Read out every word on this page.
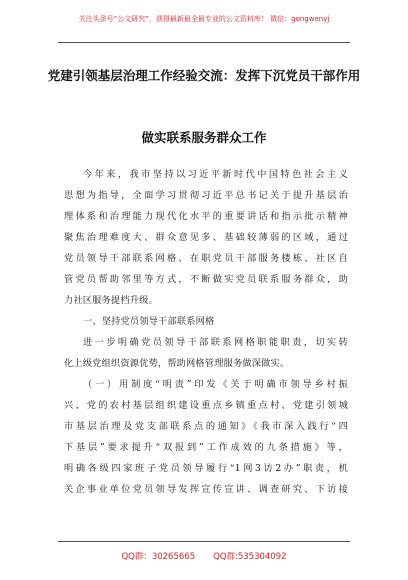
关注头条号“公文研究”，获得最新最全最专业的公文资料库！ 微信：gongwenyj
党建引领基层治理工作经验交流：发挥下沉党员干部作用
做实联系服务群众工作
今年来，我市坚持以习近平新时代中国特色社会主义
思想为指导，全面学习贯彻习近平总书记关于提升基层治
理体系和治理能力现代化水平的重要讲话和指示批示精神
聚焦治理难度大、群众意见多、基础较薄弱的区域，通过
党员领导干部联系网格、在职党员干部服务楼栋、社区自
管党员帮助邻里等方式，不断做实党员联系服务群众，助
力社区服务提档升级。
一、坚持党员领导干部联系网格
进一步明确党员领导干部联系网格职能职责，切实转
化上级党组织资源优势，帮助网格管理服务做深做实。
（一）用制度“明责”印发《关于明确市领导乡村振
兴、党的农村基层组织建设重点乡镇重点村、党建引领城
市基层治理及党支部联系点的通知》《我市深入践行“四
下基层”要求提升“双报到”工作成效的九条措施》等，
明确各级四家班子党员领导履行“1网3访2办”职责，机
关企事业单位党员领导发挥宣传宣讲、调查研究、下访接
QQ群：30265665 QQ群:535304092
